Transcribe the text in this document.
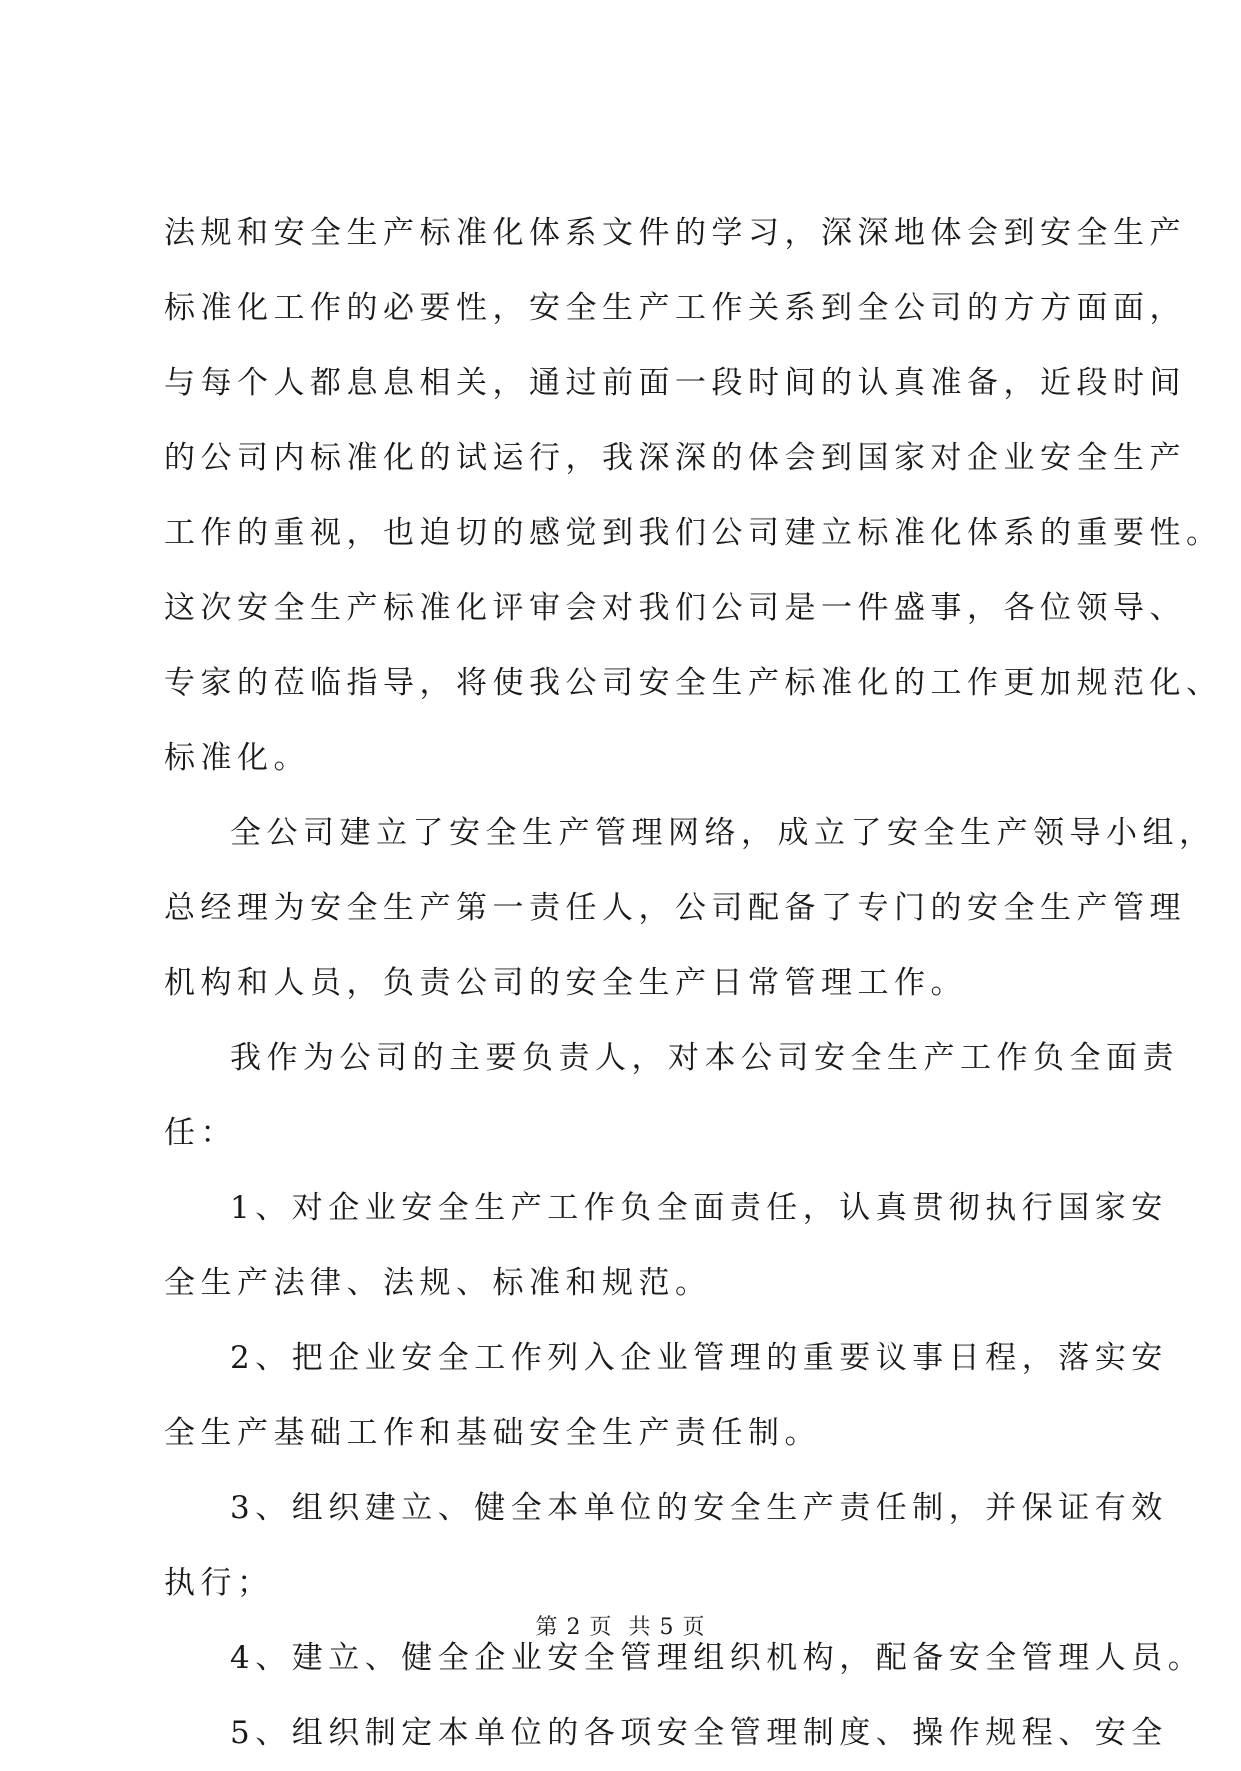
法规和安全生产标准化体系文件的学习，深深地体会到安全生产
标准化工作的必要性，安全生产工作关系到全公司的方方面面，
与每个人都息息相关，通过前面一段时间的认真准备，近段时间
的公司内标准化的试运行，我深深的体会到国家对企业安全生产
工作的重视，也迫切的感觉到我们公司建立标准化体系的重要性。
这次安全生产标准化评审会对我们公司是一件盛事，各位领导、
专家的莅临指导，将使我公司安全生产标准化的工作更加规范化、
标准化。
全公司建立了安全生产管理网络，成立了安全生产领导小组，
总经理为安全生产第一责任人，公司配备了专门的安全生产管理
机构和人员，负责公司的安全生产日常管理工作。
我作为公司的主要负责人，对本公司安全生产工作负全面责
任：
1、对企业安全生产工作负全面责任，认真贯彻执行国家安
全生产法律、法规、标准和规范。
2、把企业安全工作列入企业管理的重要议事日程，落实安
全生产基础工作和基础安全生产责任制。
3、组织建立、健全本单位的安全生产责任制，并保证有效
执行；
4、建立、健全企业安全管理组织机构，配备安全管理人员。
5、组织制定本单位的各项安全管理制度、操作规程、安全
第 2 页  共 5 页
